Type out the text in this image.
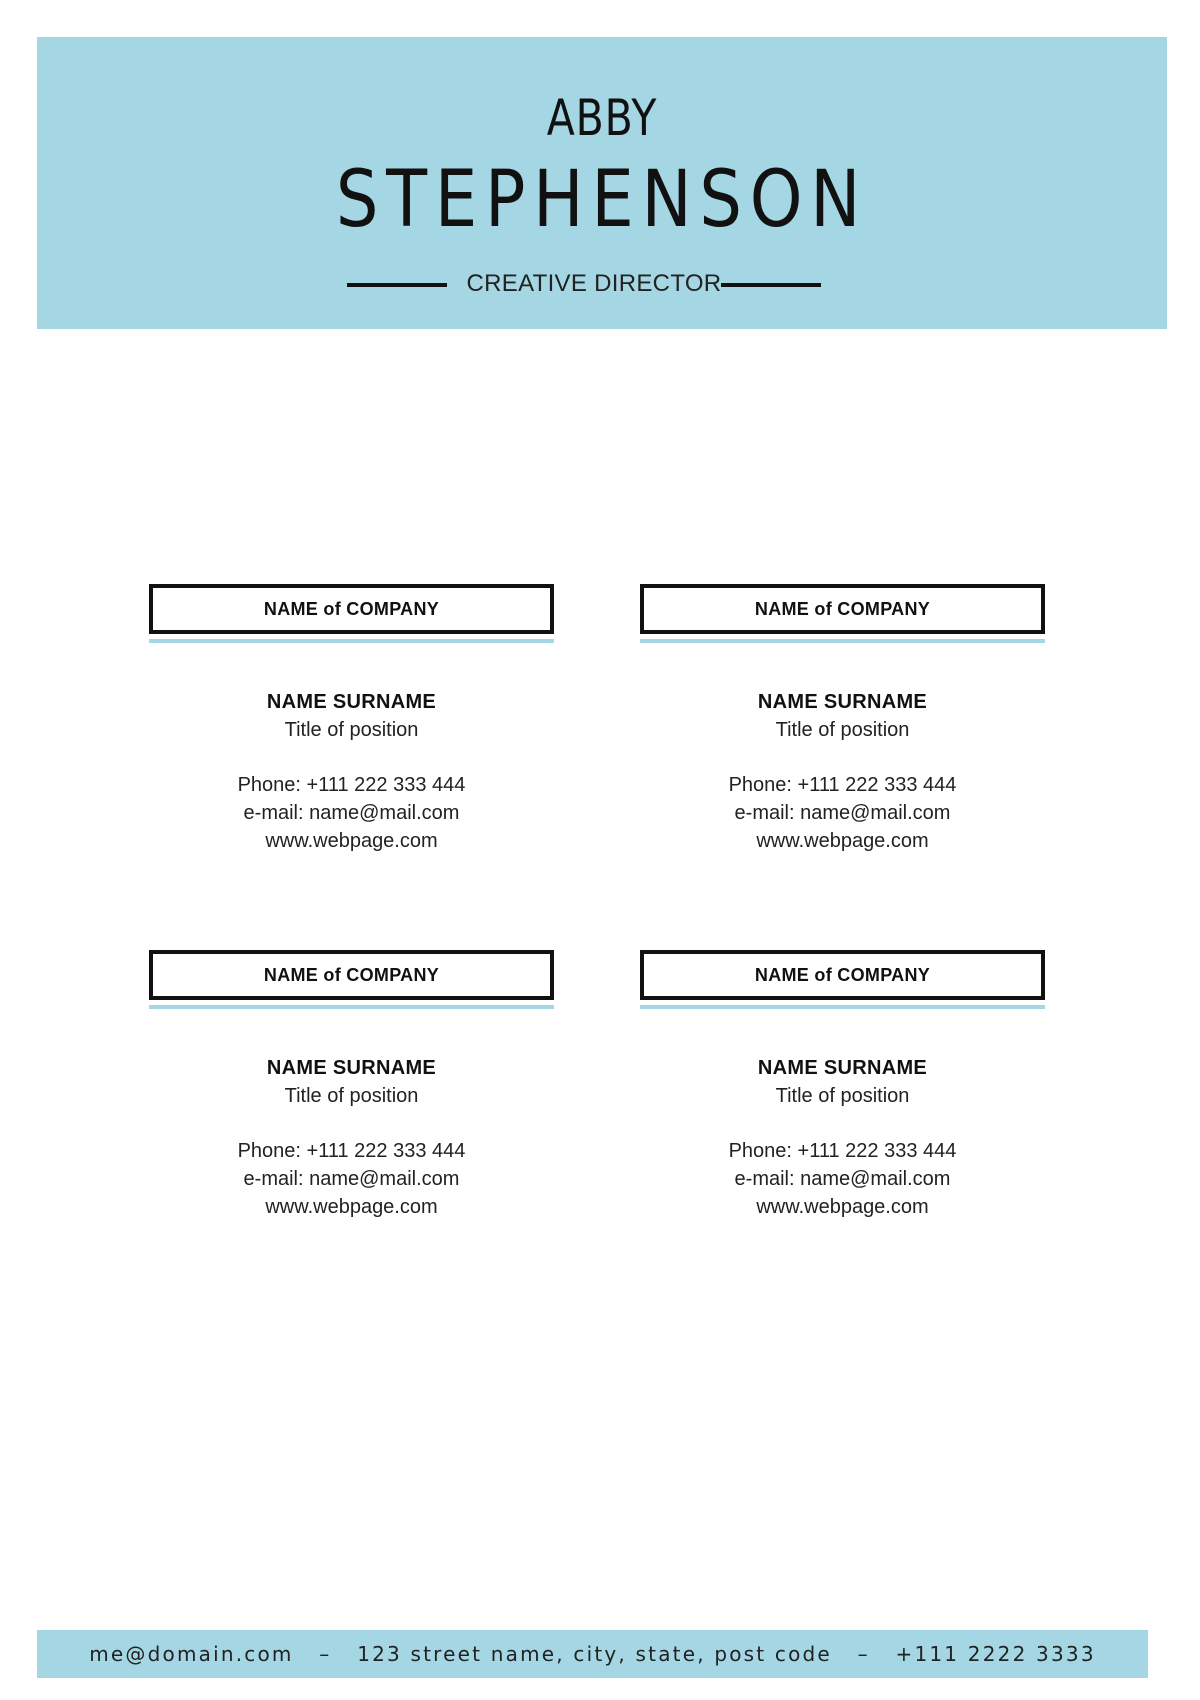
ABBY
STEPHENSON
CREATIVE DIRECTOR
NAME of COMPANY
NAME SURNAME
Title of position
Phone: +111 222 333 444
e-mail: name@mail.com
www.webpage.com
NAME of COMPANY
NAME SURNAME
Title of position
Phone: +111 222 333 444
e-mail: name@mail.com
www.webpage.com
NAME of COMPANY
NAME SURNAME
Title of position
Phone: +111 222 333 444
e-mail: name@mail.com
www.webpage.com
NAME of COMPANY
NAME SURNAME
Title of position
Phone: +111 222 333 444
e-mail: name@mail.com
www.webpage.com
me@domain.com
–
123 street name, city, state, post code
–
+111 2222 3333
